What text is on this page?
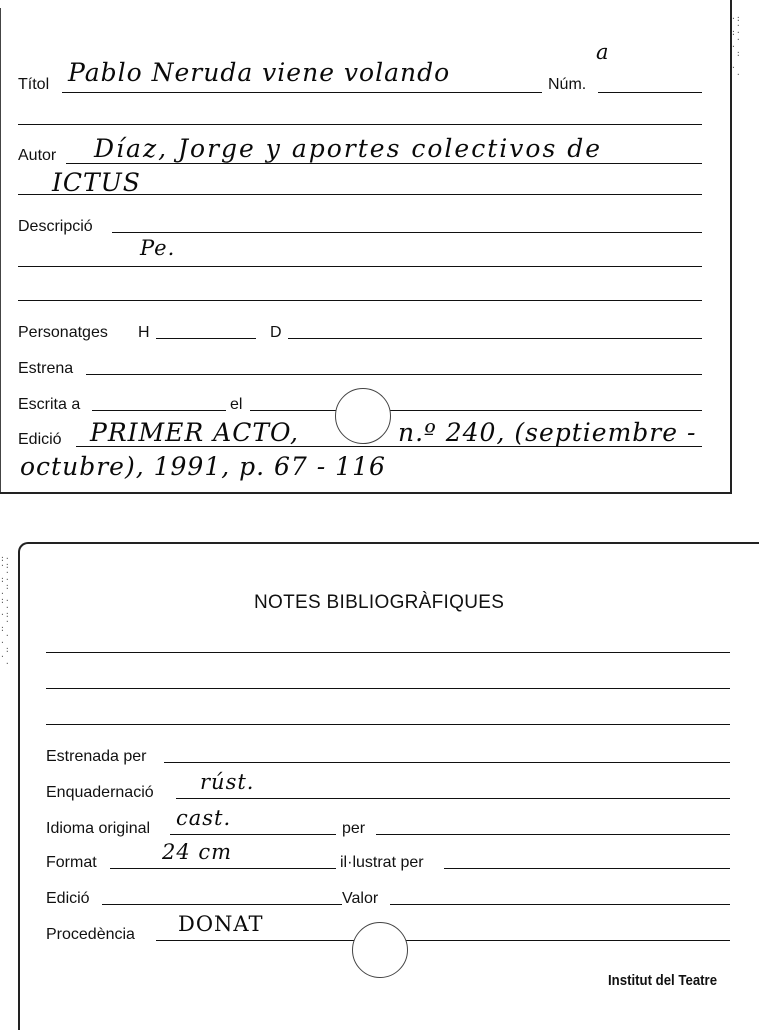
Títol Pablo Neruda viene volando	Núm.
a
Autor Díaz, Jorge y aportes colectivos de
ICTUS
Descripció
Pe.
Personatges H	D
Estrena
Escrita a	el
Edició PRIMER ACTO,	n.º 240, (septiembre -
octubre), 1991, p. 67 - 116

·:
·
:·
·
·
:

·
·
NOTES BIBLIOGRÀFIQUES
Estrenada per
Enquadernació rúst.
Idioma original cast.	per
Format	24 cm	il·lustrat per
Edició	Valor
Procedència DONAT
Institut del Teatre

:·
·:
·
:·
:
·
:·
·
·:
·
:
·
·
:
·
·
